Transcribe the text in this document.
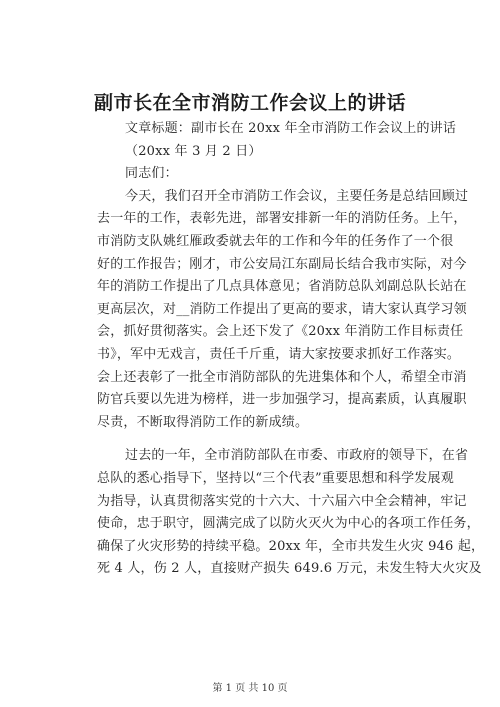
副市长在全市消防工作会议上的讲话
文章标题：副市长在 20xx 年全市消防工作会议上的讲话
（20xx 年 3 月 2 日）
同志们：
今天，我们召开全市消防工作会议，主要任务是总结回顾过
去一年的工作，表彰先进，部署安排新一年的消防任务。上午，
市消防支队姚红雁政委就去年的工作和今年的任务作了一个很
好的工作报告；刚才，市公安局江东副局长结合我市实际，对今
年的消防工作提出了几点具体意见；省消防总队刘副总队长站在
更高层次，对__消防工作提出了更高的要求，请大家认真学习领
会，抓好贯彻落实。会上还下发了《20xx 年消防工作目标责任
书》，军中无戏言，责任千斤重，请大家按要求抓好工作落实。
会上还表彰了一批全市消防部队的先进集体和个人，希望全市消
防官兵要以先进为榜样，进一步加强学习，提高素质，认真履职
尽责，不断取得消防工作的新成绩。
过去的一年，全市消防部队在市委、市政府的领导下，在省
总队的悉心指导下，坚持以“三个代表”重要思想和科学发展观
为指导，认真贯彻落实党的十六大、十六届六中全会精神，牢记
使命，忠于职守，圆满完成了以防火灭火为中心的各项工作任务，
确保了火灾形势的持续平稳。20xx 年，全市共发生火灾 946 起，
死 4 人，伤 2 人，直接财产损失 649.6 万元，未发生特大火灾及
第 1 页 共 10 页
